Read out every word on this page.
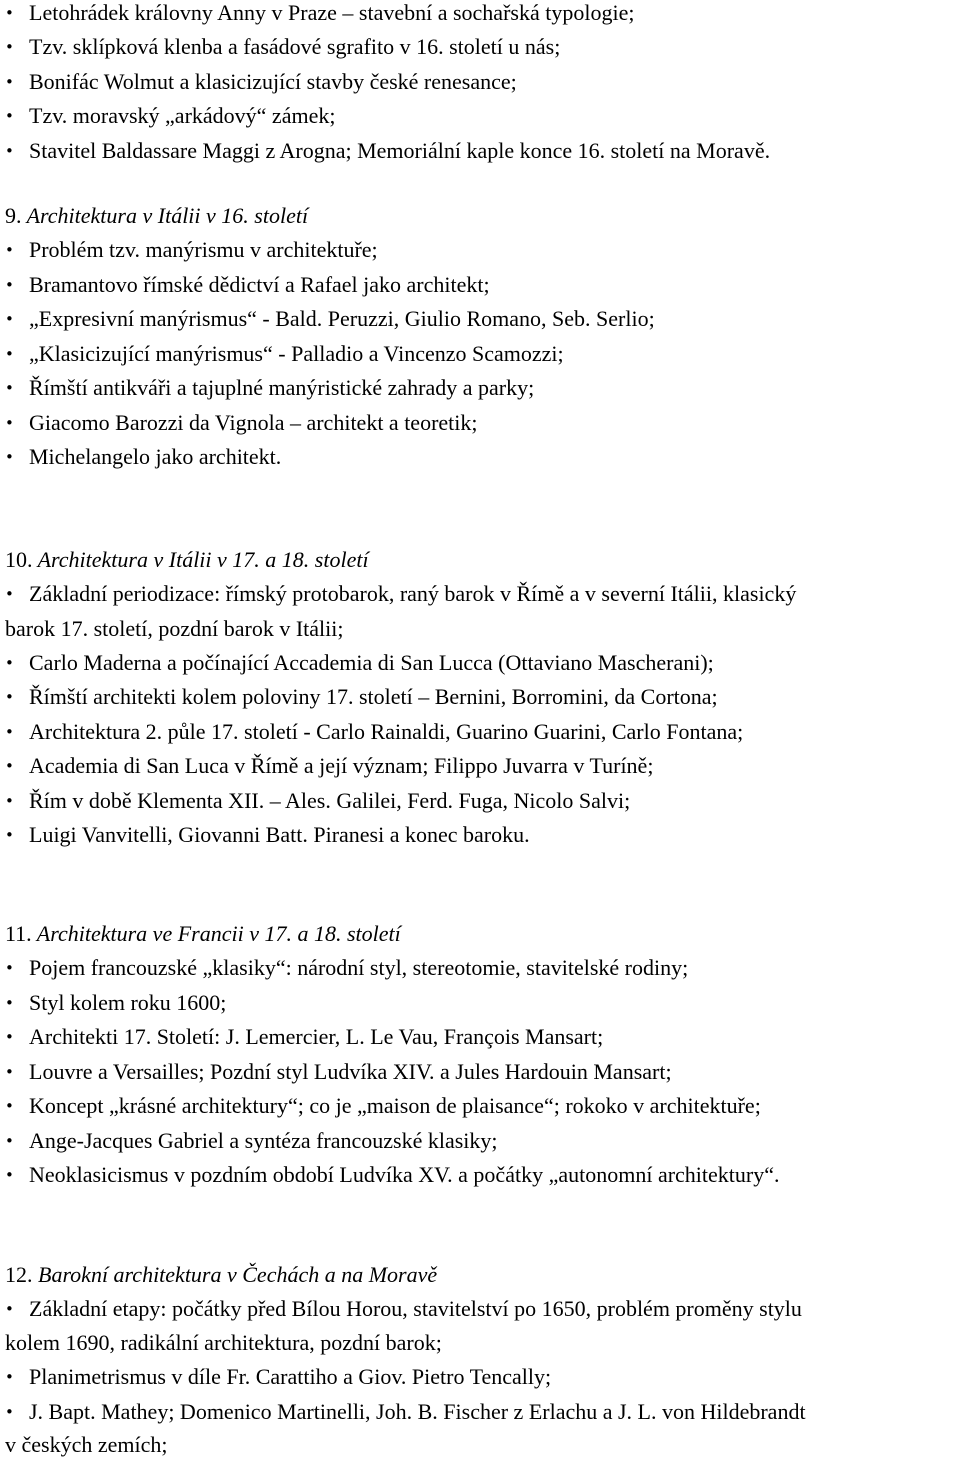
• Letohrádek královny Anny v Praze – stavební a sochařská typologie;
• Tzv. sklípková klenba a fasádové sgrafito v 16. století u nás;
• Bonifác Wolmut a klasicizující stavby české renesance;
• Tzv. moravský „arkádový“ zámek;
• Stavitel Baldassare Maggi z Arogna; Memoriální kaple konce 16. století na Moravě.
9. Architektura v Itálii v 16. století
• Problém tzv. manýrismu v architektuře;
• Bramantovo římské dědictví a Rafael jako architekt;
• „Expresivní manýrismus“ - Bald. Peruzzi, Giulio Romano, Seb. Serlio;
• „Klasicizující manýrismus“ - Palladio a Vincenzo Scamozzi;
• Římští antikváři a tajuplné manýristické zahrady a parky;
• Giacomo Barozzi da Vignola – architekt a teoretik;
• Michelangelo jako architekt.
10. Architektura v Itálii v 17. a 18. století
• Základní periodizace: římský protobarok, raný barok v Římě a v severní Itálii, klasický
barok 17. století, pozdní barok v Itálii;
• Carlo Maderna a počínající Accademia di San Lucca (Ottaviano Mascherani);
• Římští architekti kolem poloviny 17. století – Bernini, Borromini, da Cortona;
• Architektura 2. půle 17. století - Carlo Rainaldi, Guarino Guarini, Carlo Fontana;
• Academia di San Luca v Římě a její význam; Filippo Juvarra v Turíně;
• Řím v době Klementa XII. – Ales. Galilei, Ferd. Fuga, Nicolo Salvi;
• Luigi Vanvitelli, Giovanni Batt. Piranesi a konec baroku.
11. Architektura ve Francii v 17. a 18. století
• Pojem francouzské „klasiky“: národní styl, stereotomie, stavitelské rodiny;
• Styl kolem roku 1600;
• Architekti 17. Století: J. Lemercier, L. Le Vau, François Mansart;
• Louvre a Versailles; Pozdní styl Ludvíka XIV. a Jules Hardouin Mansart;
• Koncept „krásné architektury“; co je „maison de plaisance“; rokoko v architektuře;
• Ange-Jacques Gabriel a syntéza francouzské klasiky;
• Neoklasicismus v pozdním období Ludvíka XV. a počátky „autonomní architektury“.
12. Barokní architektura v Čechách a na Moravě
• Základní etapy: počátky před Bílou Horou, stavitelství po 1650, problém proměny stylu
kolem 1690, radikální architektura, pozdní barok;
• Planimetrismus v díle Fr. Carattiho a Giov. Pietro Tencally;
• J. Bapt. Mathey; Domenico Martinelli, Joh. B. Fischer z Erlachu a J. L. von Hildebrandt
v českých zemích;
